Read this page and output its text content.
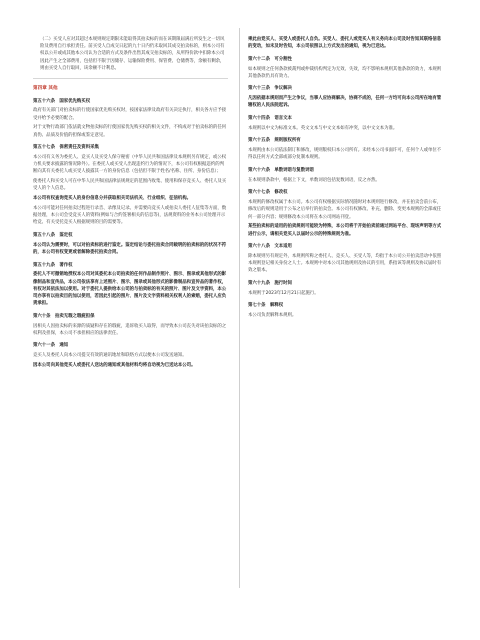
（二）买受人应对其超过本规则规定期限未能取得其拍卖标的而在该期限届满后所发生之一切风险及费用自行承担责任。前买受人自成交日起的九十日内仍未取回其成交拍卖标的，则本公司有权以公开或成其他本公司认为合适的方式及条件出售其成交拍卖标的，从所得价款中扣除本公司因此产生之全部费用，包括但不限于因储存、运输保险费用、保管费、仓储费等，余额有剩余，则由买受人自行取回，该余额不计利息。

第四章 其他

第五十六条　国家优先购买权

政府有关部门对拍卖标的行使国家优先购买权时，按国家法律及政府有关决定执行，相关各方应予接受并给予必要的配合。

对于文物行政部门依法就文物拍卖标的行使国家优先购买权的相关文件，不构成对于拍卖标的的任何真伪、品质及价值的担保或鉴定意见。

第五十七条　保密责任及资料采集

本公司有义务为委托人、竞买人及买受人保守秘密（中华人民共和国法律及本规则另有规定，或公权力机关要求披露的情况除外）。在委托人或买受人出现违约行为的情况下，本公司有权根据违约的判断向其有关委托人或买受人披露其一方的身份信息（包括但不限于姓名/名称、住所、身份信息）；

使委托人和买受人可在中华人民共和国法律法规规定的范围内收集、使用和保存竞买人、委托人及买受人的个人信息。

本公司有权查询竞买人的身份信息分并获取相关司法机关、行业组织、征信机构。

本公司可能对任何拍卖过程进行录音、录像及记录。并需要向竞买人或拍卖人委托人征集等方面，数据处理，本公司会受竞买人的资料(例如与合约签署相关的信息等)，法规资料的业务本公司处理开示给竞、有关受托竞买人根据规则的目的需要等。

第五十八条　鉴定权

本公司认为需要时，可以对拍卖标的进行鉴定。鉴定结论与委托拍卖合同载明的拍卖标的的状况不符的，本公司有权变更或者解除委托拍卖合同。

第五十九条　著作权

委托人不可撤销地授权本公司对其委托本公司拍卖的任何作品制作照片、图示、图录或其他形式的影像制品和宣传品，本公司依法享有上述照片、图示、图录或其他形式的影像制品和宣传品的著作权，有权对其依法加以使用。对于委托人提供给本公司的与拍卖标的有关的照片、图片及文字资料，本公司亦享有以拍卖目的加以使用，若因此引起的照片、图片及文字资料相关权利人的索赔，委托人应负责承担。

第六十条　拍卖无瑕之瑕疵担保

因相关人因拍卖标的来源的质疑和存在的瑕疵，追诉收买人取得，而导致本公司丧失对该拍卖标的之权利及担保，本公司不承担相应的法律责任。

第六十一条　通知

竞买人及委托人向本公司提交有效的通讯地址和联络方式以便本公司发送通知。

因本公司向其他竞买人或委托人送达的通知或其他材料均将自动视为已送达本公司。

乘此由竞买人、买受人或委托人自负。买受人、委托人或竞买人有义务向本公司及时告知其联络信息的变动，如未及时告知，本公司依照以上方式发出的通知，视为已送达。

第六十二条　可分割性

如本规则之任何条款被裁判或仲裁机构判定为无效、失效，均不影响本规则其他条款的效力，本规则其他条款仍具有效力。

第六十三条　争议解决

凡因依据本规则而产生之争议，当事人应协商解决，协商不成的，任何一方均可向本公司所在地有管辖权的人民法院起诉。

第六十四条　语言文本

本规则以中文为标准文本。英文文本与中文文本如有冲突，以中文文本为准。

第六十五条　规则版权所有

本规则由本公司依法制订和修改，规则版权归本公司所有。未经本公司书面许可，任何个人或单位不得以任何方式全部或部分复制本规则。

第六十六条　单数词语与复数词语

在本规则条款中，根据上下文，单数词语包括复数词语，反之亦然。

第六十七条　修改权

本规则的修改权属于本公司。本公司有权根据实际情况随时对本规则进行修改，并在拍卖会前公布，修改后的规则适用于公布之后举行的拍卖会。本公司有权修改、补充、删除、变更本规则的全部或任何一部分内容；规则修改本公司将在本公司网站刊登。

某些拍卖标的适用的拍卖规则可能较为特殊，本公司将于开始拍卖前通过网站平台、现场声明等方式进行公示，请相关竞买人以届时公示的特殊规则为准。

第六十八条　文本适用

除本规则另有规定外，本规则所称之委托人、竞买人、买受人等，均指于本公司公开拍卖活动中依照本规则登记相关身份之人士。本规则中对本公司其他规则及协议的引用，系指该等规则及协议届时有效之版本。

第六十九条　施行时间

本规则于2023年12月21日起施行。

第七十条　解释权

本公司负责解释本规则。
